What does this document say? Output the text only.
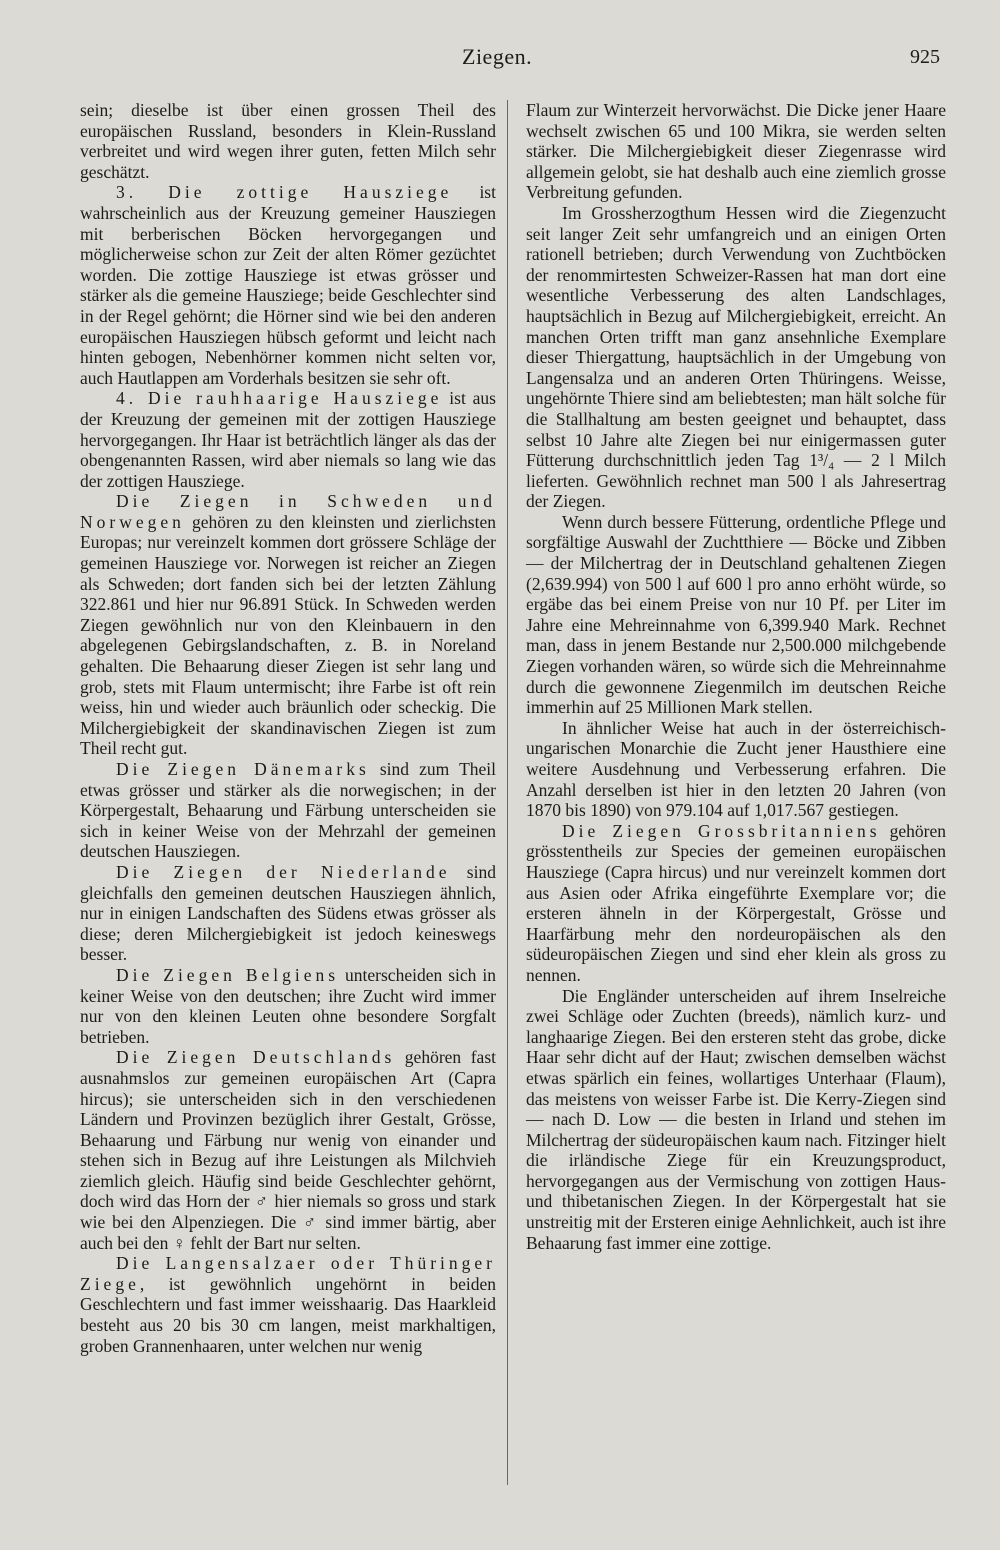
Ziegen.	925

sein; dieselbe ist über einen grossen Theil des europäischen Russland, besonders in Klein-Russland verbreitet und wird wegen ihrer guten, fetten Milch sehr geschätzt.

3. Die zottige Hausziege ist wahrscheinlich aus der Kreuzung gemeiner Hausziegen mit berberischen Böcken hervorgegangen und möglicherweise schon zur Zeit der alten Römer gezüchtet worden. Die zottige Hausziege ist etwas grösser und stärker als die gemeine Hausziege; beide Geschlechter sind in der Regel gehörnt; die Hörner sind wie bei den anderen europäischen Hausziegen hübsch geformt und leicht nach hinten gebogen, Nebenhörner kommen nicht selten vor, auch Hautlappen am Vorderhals besitzen sie sehr oft.

4. Die rauhhaarige Hausziege ist aus der Kreuzung der gemeinen mit der zottigen Hausziege hervorgegangen. Ihr Haar ist beträchtlich länger als das der obengenannten Rassen, wird aber niemals so lang wie das der zottigen Hausziege.

Die Ziegen in Schweden und Norwegen gehören zu den kleinsten und zierlichsten Europas; nur vereinzelt kommen dort grössere Schläge der gemeinen Hausziege vor. Norwegen ist reicher an Ziegen als Schweden; dort fanden sich bei der letzten Zählung 322.861 und hier nur 96.891 Stück. In Schweden werden Ziegen gewöhnlich nur von den Kleinbauern in den abgelegenen Gebirgslandschaften, z. B. in Noreland gehalten. Die Behaarung dieser Ziegen ist sehr lang und grob, stets mit Flaum untermischt; ihre Farbe ist oft rein weiss, hin und wieder auch bräunlich oder scheckig. Die Milchergiebigkeit der skandinavischen Ziegen ist zum Theil recht gut.

Die Ziegen Dänemarks sind zum Theil etwas grösser und stärker als die norwegischen; in der Körpergestalt, Behaarung und Färbung unterscheiden sie sich in keiner Weise von der Mehrzahl der gemeinen deutschen Hausziegen.

Die Ziegen der Niederlande sind gleichfalls den gemeinen deutschen Hausziegen ähnlich, nur in einigen Landschaften des Südens etwas grösser als diese; deren Milchergiebigkeit ist jedoch keineswegs besser.

Die Ziegen Belgiens unterscheiden sich in keiner Weise von den deutschen; ihre Zucht wird immer nur von den kleinen Leuten ohne besondere Sorgfalt betrieben.

Die Ziegen Deutschlands gehören fast ausnahmslos zur gemeinen europäischen Art (Capra hircus); sie unterscheiden sich in den verschiedenen Ländern und Provinzen bezüglich ihrer Gestalt, Grösse, Behaarung und Färbung nur wenig von einander und stehen sich in Bezug auf ihre Leistungen als Milchvieh ziemlich gleich. Häufig sind beide Geschlechter gehörnt, doch wird das Horn der ♂ hier niemals so gross und stark wie bei den Alpenziegen. Die ♂ sind immer bärtig, aber auch bei den ♀ fehlt der Bart nur selten.

Die Langensalzaer oder Thüringer Ziege, ist gewöhnlich ungehörnt in beiden Geschlechtern und fast immer weisshaarig. Das Haarkleid besteht aus 20 bis 30 cm langen, meist markhaltigen, groben Grannenhaaren, unter welchen nur wenig

Flaum zur Winterzeit hervorwächst. Die Dicke jener Haare wechselt zwischen 65 und 100 Mikra, sie werden selten stärker. Die Milchergiebigkeit dieser Ziegenrasse wird allgemein gelobt, sie hat deshalb auch eine ziemlich grosse Verbreitung gefunden.

Im Grossherzogthum Hessen wird die Ziegenzucht seit langer Zeit sehr umfangreich und an einigen Orten rationell betrieben; durch Verwendung von Zuchtböcken der renommirtesten Schweizer-Rassen hat man dort eine wesentliche Verbesserung des alten Landschlages, hauptsächlich in Bezug auf Milchergiebigkeit, erreicht. An manchen Orten trifft man ganz ansehnliche Exemplare dieser Thiergattung, hauptsächlich in der Umgebung von Langensalza und an anderen Orten Thüringens. Weisse, ungehörnte Thiere sind am beliebtesten; man hält solche für die Stallhaltung am besten geeignet und behauptet, dass selbst 10 Jahre alte Ziegen bei nur einigermassen guter Fütterung durchschnittlich jeden Tag 1³/₄ — 2 l Milch lieferten. Gewöhnlich rechnet man 500 l als Jahresertrag der Ziegen.

Wenn durch bessere Fütterung, ordentliche Pflege und sorgfältige Auswahl der Zuchtthiere — Böcke und Zibben — der Milchertrag der in Deutschland gehaltenen Ziegen (2,639.994) von 500 l auf 600 l pro anno erhöht würde, so ergäbe das bei einem Preise von nur 10 Pf. per Liter im Jahre eine Mehreinnahme von 6,399.940 Mark. Rechnet man, dass in jenem Bestande nur 2,500.000 milchgebende Ziegen vorhanden wären, so würde sich die Mehreinnahme durch die gewonnene Ziegenmilch im deutschen Reiche immerhin auf 25 Millionen Mark stellen.

In ähnlicher Weise hat auch in der österreichisch-ungarischen Monarchie die Zucht jener Hausthiere eine weitere Ausdehnung und Verbesserung erfahren. Die Anzahl derselben ist hier in den letzten 20 Jahren (von 1870 bis 1890) von 979.104 auf 1,017.567 gestiegen.

Die Ziegen Grossbritanniens gehören grösstentheils zur Species der gemeinen europäischen Hausziege (Capra hircus) und nur vereinzelt kommen dort aus Asien oder Afrika eingeführte Exemplare vor; die ersteren ähneln in der Körpergestalt, Grösse und Haarfärbung mehr den nordeuropäischen als den südeuropäischen Ziegen und sind eher klein als gross zu nennen.

Die Engländer unterscheiden auf ihrem Inselreiche zwei Schläge oder Zuchten (breeds), nämlich kurz- und langhaarige Ziegen. Bei den ersteren steht das grobe, dicke Haar sehr dicht auf der Haut; zwischen demselben wächst etwas spärlich ein feines, wollartiges Unterhaar (Flaum), das meistens von weisser Farbe ist. Die Kerry-Ziegen sind — nach D. Low — die besten in Irland und stehen im Milchertrag der südeuropäischen kaum nach. Fitzinger hielt die irländische Ziege für ein Kreuzungsproduct, hervorgegangen aus der Vermischung von zottigen Haus- und thibetanischen Ziegen. In der Körpergestalt hat sie unstreitig mit der Ersteren einige Aehnlichkeit, auch ist ihre Behaarung fast immer eine zottige.
